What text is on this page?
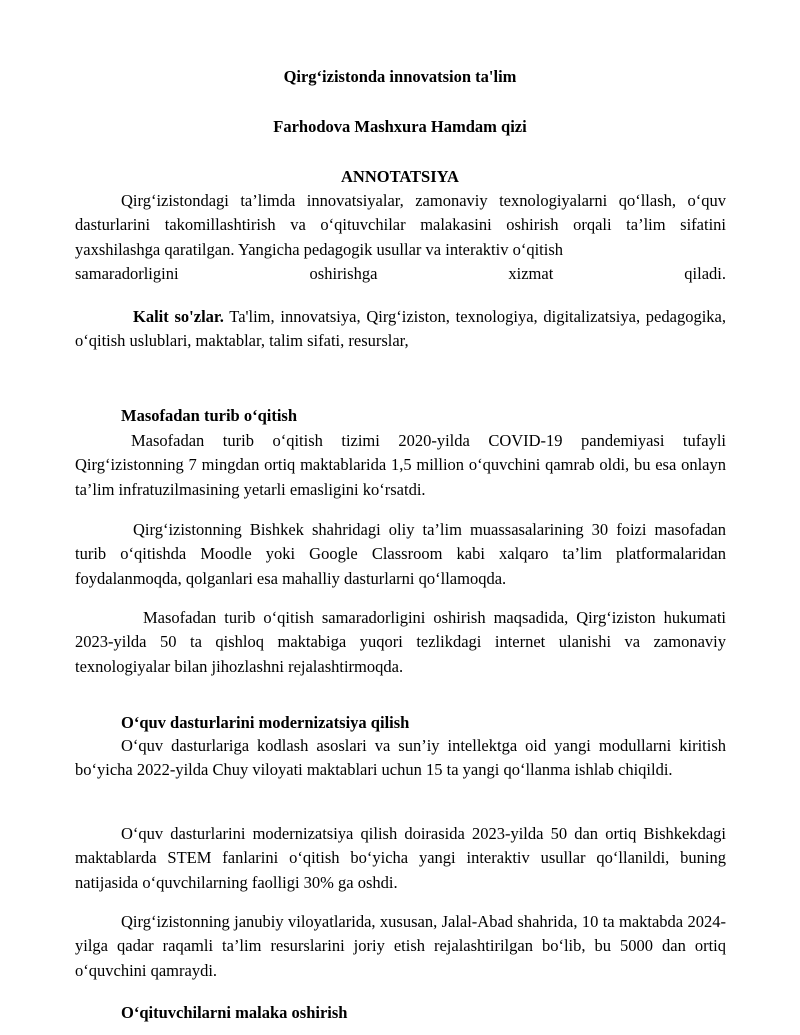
Qirg‘izistonda innovatsion ta'lim
Farhodova Mashxura Hamdam qizi
ANNOTATSIYA
Qirg‘izistondagi ta’limda innovatsiyalar, zamonaviy texnologiyalarni qo‘llash, o‘quv dasturlarini takomillashtirish va o‘qituvchilar malakasini oshirish orqali ta’lim sifatini yaxshilashga qaratilgan. Yangicha pedagogik usullar va interaktiv o‘qitish
samaradorligini oshirishga xizmat qiladi.
Kalit so'zlar. Ta'lim, innovatsiya, Qirg‘iziston, texnologiya, digitalizatsiya, pedagogika, o‘qitish uslublari, maktablar, talim sifati, resurslar,
Masofadan turib o‘qitish
Masofadan turib o‘qitish tizimi 2020-yilda COVID-19 pandemiyasi tufayli Qirg‘izistonning 7 mingdan ortiq maktablarida 1,5 million o‘quvchini qamrab oldi, bu esa onlayn ta’lim infratuzilmasining yetarli emasligini ko‘rsatdi.
Qirg‘izistonning Bishkek shahridagi oliy ta’lim muassasalarining 30 foizi masofadan turib o‘qitishda Moodle yoki Google Classroom kabi xalqaro ta’lim platformalaridan foydalanmoqda, qolganlari esa mahalliy dasturlarni qo‘llamoqda.
Masofadan turib o‘qitish samaradorligini oshirish maqsadida, Qirg‘iziston hukumati 2023-yilda 50 ta qishloq maktabiga yuqori tezlikdagi internet ulanishi va zamonaviy texnologiyalar bilan jihozlashni rejalashtirmoqda.
O‘quv dasturlarini modernizatsiya qilish
O‘quv dasturlariga kodlash asoslari va sun’iy intellektga oid yangi modullarni kiritish bo‘yicha 2022-yilda Chuy viloyati maktablari uchun 15 ta yangi qo‘llanma ishlab chiqildi.
O‘quv dasturlarini modernizatsiya qilish doirasida 2023-yilda 50 dan ortiq Bishkekdagi maktablarda STEM fanlarini o‘qitish bo‘yicha yangi interaktiv usullar qo‘llanildi, buning natijasida o‘quvchilarning faolligi 30% ga oshdi.
Qirg‘izistonning janubiy viloyatlarida, xususan, Jalal-Abad shahrida, 10 ta maktabda 2024-yilga qadar raqamli ta’lim resurslarini joriy etish rejalashtirilgan bo‘lib, bu 5000 dan ortiq o‘quvchini qamraydi.
O‘qituvchilarni malaka oshirish
